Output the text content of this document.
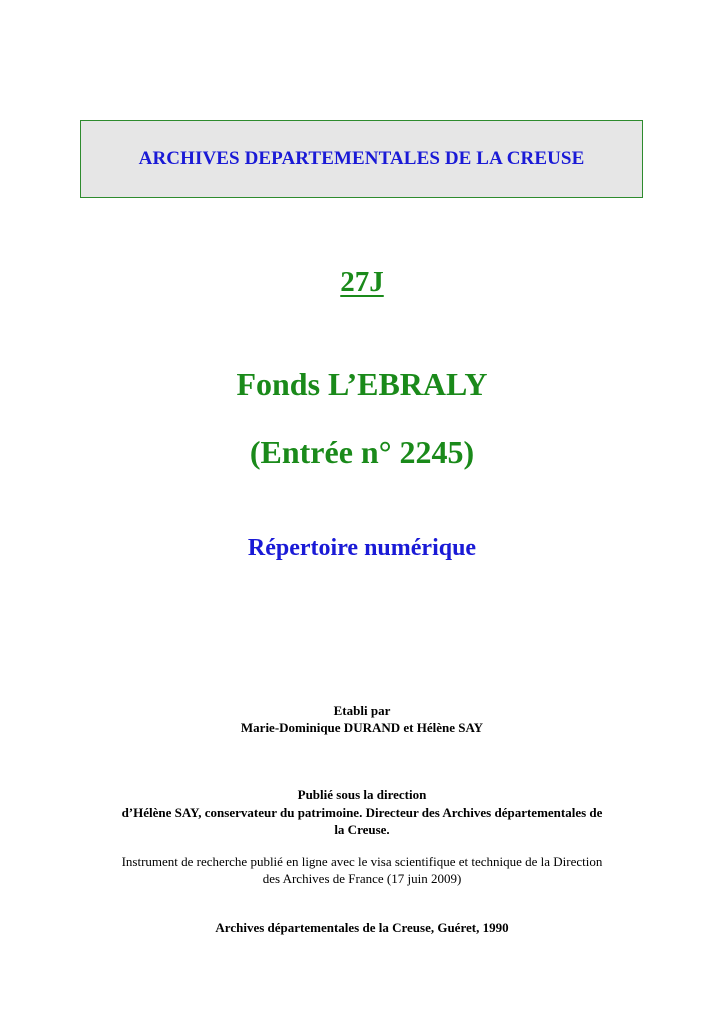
ARCHIVES DEPARTEMENTALES DE LA CREUSE
27J
Fonds L’EBRALY
(Entrée n° 2245)
Répertoire numérique
Etabli par
Marie-Dominique DURAND et Hélène SAY
Publié sous la direction
d’Hélène SAY, conservateur du patrimoine. Directeur des Archives départementales de
la Creuse.
Instrument de recherche publié en ligne avec le visa scientifique et technique de la Direction
des Archives de France (17 juin 2009)
Archives départementales de la Creuse, Guéret, 1990
